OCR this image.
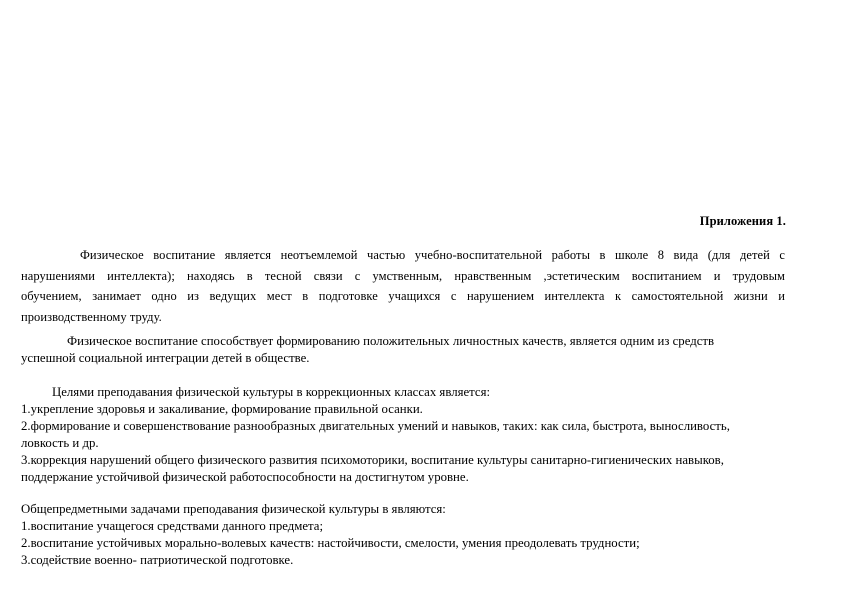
Приложения 1.

Физическое воспитание является неотъемлемой частью учебно-воспитательной работы в школе 8 вида (для детей с
нарушениями интеллекта); находясь в тесной связи с умственным, нравственным ,эстетическим воспитанием и трудовым
обучением, занимает одно из ведущих мест в подготовке учащихся с нарушением интеллекта к самостоятельной жизни и
производственному труду.
Физическое воспитание способствует формированию положительных личностных качеств, является одним из средств
успешной социальной интеграции детей в обществе.
Целями преподавания физической культуры в коррекционных классах является:
1.укрепление здоровья и закаливание, формирование правильной осанки.
2.формирование и совершенствование разнообразных двигательных умений и навыков, таких: как сила, быстрота, выносливость,
ловкость и др.
3.коррекция нарушений общего физического развития психомоторики, воспитание культуры санитарно-гигиенических навыков,
поддержание устойчивой физической работоспособности на достигнутом уровне.
Общепредметными задачами преподавания физической культуры в являются:
1.воспитание учащегося средствами данного предмета;
2.воспитание устойчивых морально-волевых качеств: настойчивости, смелости, умения преодолевать трудности;
3.содействие военно- патриотической подготовке.
